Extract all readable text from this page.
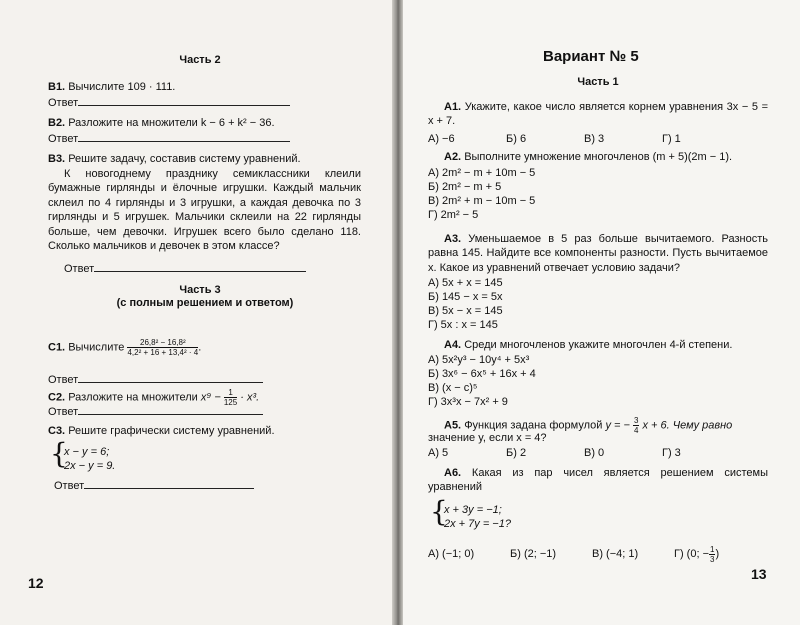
Часть 2
В1. Вычислите 109 · 111.
Ответ
В2. Разложите на множители k − 6 + k² − 36.
Ответ
В3. Решите задачу, составив систему уравнений.
К новогоднему празднику семиклассники клеили бумажные гирлянды и ёлочные игрушки. Каждый мальчик склеил по 4 гирлянды и 3 игрушки, а каждая девочка по 3 гирлянды и 5 игрушек. Мальчики склеили на 22 гирлянды больше, чем девочки. Игрушек всего было сделано 118. Сколько мальчиков и девочек в этом классе?
Ответ
Часть 3
(с полным решением и ответом)
С1. Вычислите $\frac{\text{26,8² − 16,8²}}{\text{4,2² + 16 + 13,4² · 4}}$ .
Ответ
С2. Разложите на множители $x^9 - \frac{1}{125} \cdot x^3$.
Ответ
С3. Решите графически систему уравнений.
{
x − y = 6;
2x − y = 9.
Ответ
12
Вариант № 5
Часть 1
А1. Укажите, какое число является корнем уравнения 3x − 5 = x + 7.
А) −6	Б) 6	В) 3	Г) 1
А2. Выполните умножение многочленов (m + 5)(2m − 1).
А) 2m² − m + 10m − 5
Б) 2m² − m + 5
В) 2m² + m − 10m − 5
Г) 2m² − 5
А3. Уменьшаемое в 5 раз больше вычитаемого. Разность равна 145. Найдите все компоненты разности. Пусть вычитаемое x. Какое из уравнений отвечает условию задачи?
А) 5x + x = 145
Б) 145 − x = 5x
В) 5x − x = 145
Г) 5x : x = 145
А4. Среди многочленов укажите многочлен 4-й степени.
А) 5x²y³ − 10y⁴ + 5x³
Б) 3x⁶ − 6x⁵ + 16x + 4
В) (x − c)⁵
Г) 3x³x − 7x² + 9
А5. Функция задана формулой y = − $\frac{3}{4}$ x + 6. Чему равно
значение y, если x = 4?
А) 5	Б) 2	В) 0	Г) 3
А6. Какая из пар чисел является решением системы уравнений
{
x + 3y = −1;
2x + 7y = −1?
А) (−1; 0)	Б) (2; −1)	В) (−4; 1)	Г) (0; − $\frac{1}{3}$ )
13
